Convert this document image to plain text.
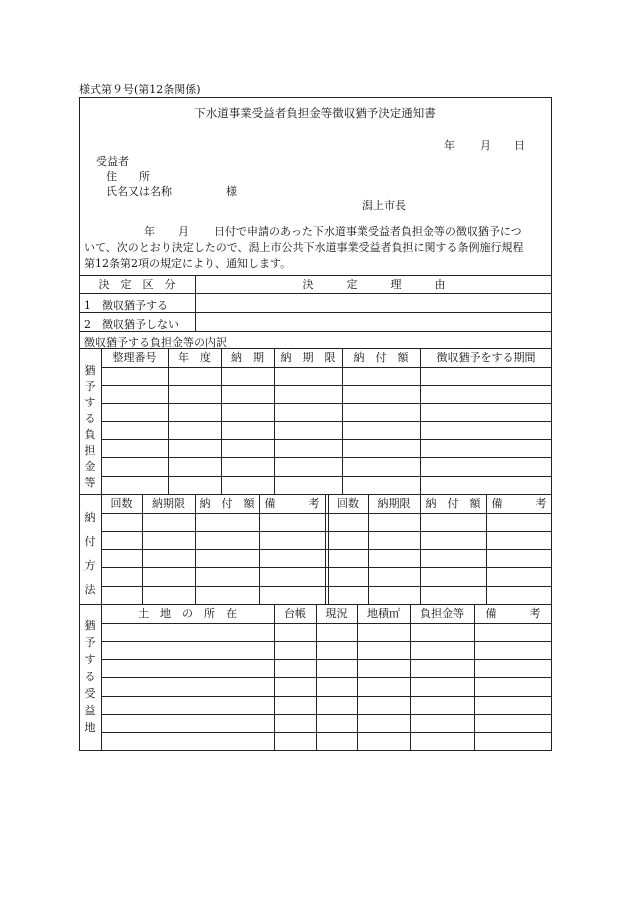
様式第９号(第12条関係)
下水道事業受益者負担金等徴収猶予決定通知書
年 月 日
受益者
住　　所
氏名又は名称	様
潟上市長
年 月 日付で申請のあった下水道事業受益者負担金等の徴収猶予につ
いて、次のとおり決定したので、潟上市公共下水道事業受益者負担に関する条例施行規程
第12条第2項の規定により、通知します。
決　定　区　分	決　　　定　　　理　　　由
1　徴収猶予する
2　徴収猶予しない
徴収猶予する負担金等の内訳
整理番号	年　度	納　期	納　期　限	納　付　額	徴収猶予をする期間
回数	納期限	納　付　額 備　　　考	回数	納期限	納　付　額	備　　　考
土　地　の　所　在	台帳	現況	地積㎡	負担金等	備　　　考
猶
予
す
る
負
担
金
等
納
付
方
法
猶
予
す
る
受
益
地
